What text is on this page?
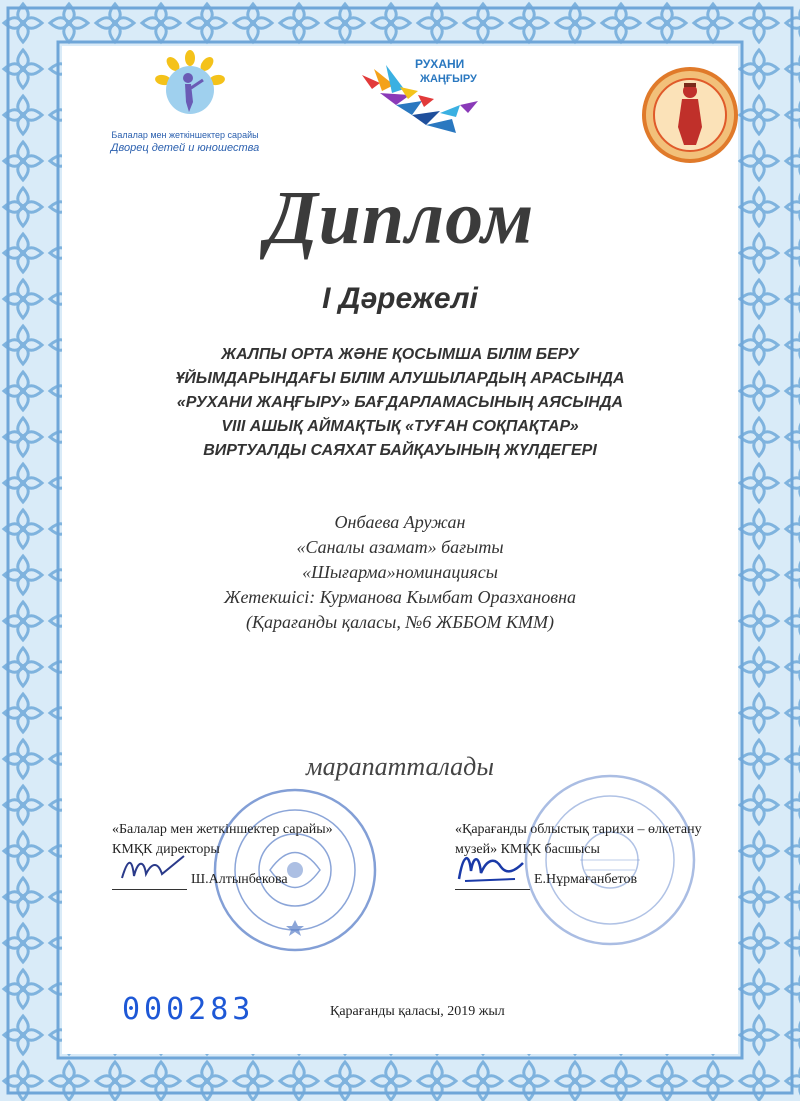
Балалар мен жеткіншектер сарайы
Дворец детей и юношества
РУХАНИ
ЖАҢҒЫРУ
Диплом
I Дәрежелі
ЖАЛПЫ ОРТА ЖӘНЕ ҚОСЫМША БІЛІМ БЕРУ
ҰЙЫМДАРЫНДАҒЫ БІЛІМ АЛУШЫЛАРДЫҢ АРАСЫНДА
«РУХАНИ ЖАҢҒЫРУ» БАҒДАРЛАМАСЫНЫҢ АЯСЫНДА
VIII АШЫҚ АЙМАҚТЫҚ «ТУҒАН СОҚПАҚТАР»
ВИРТУАЛДЫ САЯХАТ БАЙҚАУЫНЫҢ ЖҮЛДЕГЕРІ
Онбаева Аружан
«Саналы азамат» бағыты
«Шығарма»номинациясы
Жетекшісі: Курманова Кымбат Оразхановна
(Қарағанды қаласы, №6 ЖББОМ КММ)
марапатталады
«Балалар мен жеткіншектер сарайы»
КМҚК директоры
Ш.Алтынбекова
«Қарағанды облыстық тарихи – өлкетану
музей» КМҚК басшысы
Е.Нұрмағанбетов
000283	Қарағанды қаласы, 2019 жыл
